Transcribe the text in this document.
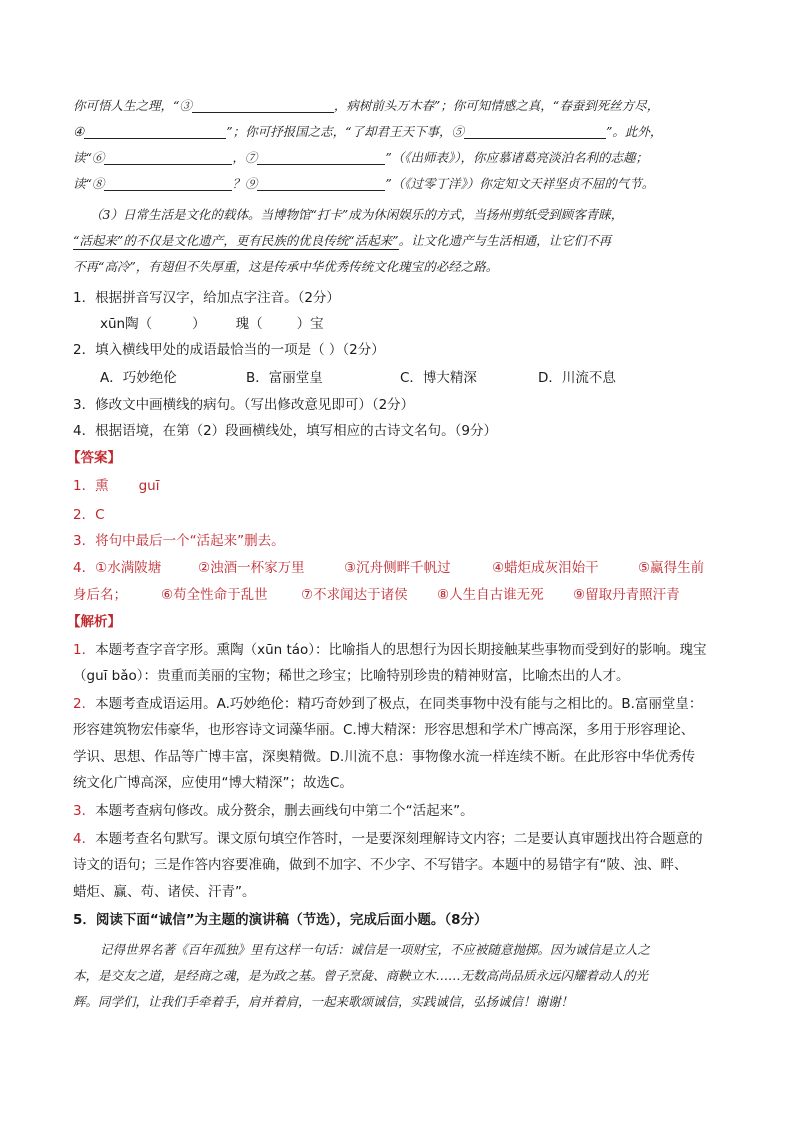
你可悟人生之理，“③	，病树前头万木春”；你可知情感之真，“春蚕到死丝方尽，
④	”；你可抒报国之志，“了却君王天下事，⑤	”。此外，
读“⑥	，⑦	”（《出师表》），你应慕诸葛亮淡泊名利的志趣；
读“⑧	？⑨	”（《过零丁洋》）你定知文天祥坚贞不屈的气节。
（3）日常生活是文化的载体。当博物馆“打卡”成为休闲娱乐的方式，当扬州剪纸受到顾客青睐，
“活起来”的不仅是文化遗产，更有民族的优良传统“活起来”。让文化遗产与生活相通，让它们不再
不再“高冷”，有翅但不失厚重，这是传承中华优秀传统文化瑰宝的必经之路。
1．根据拼音写汉字，给加点字注音。（2分）
xūn陶（	） 瑰（	）宝
2．填入横线甲处的成语最恰当的一项是（ ）（2分）
A．巧妙绝伦	B．富丽堂皇	C．博大精深	D．川流不息
3．修改文中画横线的病句。（写出修改意见即可）（2分）
4．根据语境，在第（2）段画横线处，填写相应的古诗文名句。（9分）
【答案】
1．熏 guī
2．C
3．将句中最后一个“活起来”删去。
4．①水满陂塘	②浊酒一杯家万里	③沉舟侧畔千帆过	④蜡炬成灰泪始干	⑤赢得生前
身后名；	⑥苟全性命于乱世 ⑦不求闻达于诸侯 ⑧人生自古谁无死 ⑨留取丹青照汗青
【解析】
1．本题考查字音字形。熏陶（xūn táo）：比喻指人的思想行为因长期接触某些事物而受到好的影响。瑰宝
（guī bǎo）：贵重而美丽的宝物；稀世之珍宝；比喻特别珍贵的精神财富，比喻杰出的人才。
2．本题考查成语运用。A.巧妙绝伦：精巧奇妙到了极点，在同类事物中没有能与之相比的。B.富丽堂皇：
形容建筑物宏伟豪华，也形容诗文词藻华丽。C.博大精深：形容思想和学术广博高深，多用于形容理论、
学识、思想、作品等广博丰富，深奥精微。D.川流不息：事物像水流一样连续不断。在此形容中华优秀传
统文化广博高深，应使用“博大精深”；故选C。
3．本题考查病句修改。成分赘余，删去画线句中第二个“活起来”。
4．本题考查名句默写。课文原句填空作答时，一是要深刻理解诗文内容；二是要认真审题找出符合题意的
诗文的语句；三是作答内容要准确，做到不加字、不少字、不写错字。本题中的易错字有“陂、浊、畔、
蜡炬、赢、苟、诸侯、汗青”。
5．阅读下面“诚信”为主题的演讲稿（节选），完成后面小题。（8分）
记得世界名著《百年孤独》里有这样一句话：诚信是一项财宝，不应被随意抛掷。因为诚信是立人之
本，是交友之道，是经商之魂，是为政之基。曾子烹彘、商鞅立木……无数高尚品质永远闪耀着动人的光
辉。同学们，让我们手牵着手，肩并着肩，一起来歌颂诚信，实践诚信，弘扬诚信！谢谢！
